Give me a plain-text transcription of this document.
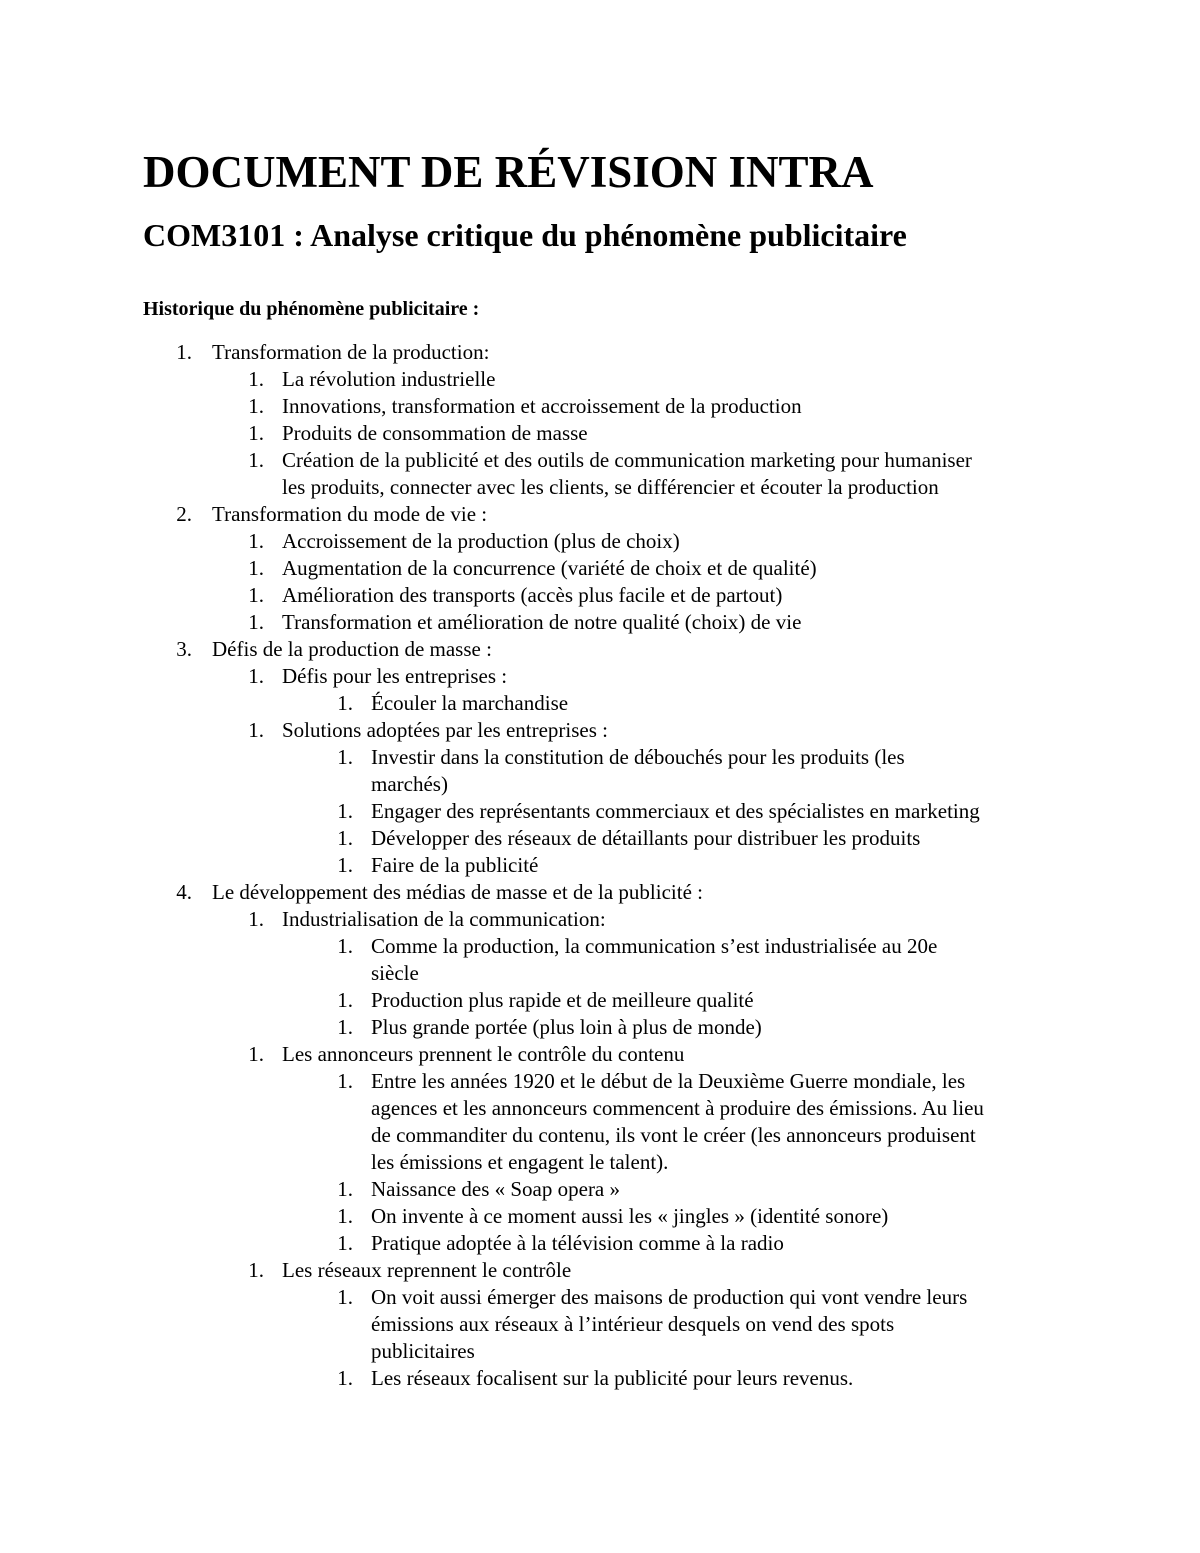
DOCUMENT DE RÉVISION INTRA
COM3101 : Analyse critique du phénomène publicitaire
Historique du phénomène publicitaire :
1. Transformation de la production:
1. La révolution industrielle
1. Innovations, transformation et accroissement de la production
1. Produits de consommation de masse
1. Création de la publicité et des outils de communication marketing pour humaniser
les produits, connecter avec les clients, se différencier et écouter la production
2. Transformation du mode de vie :
1. Accroissement de la production (plus de choix)
1. Augmentation de la concurrence (variété de choix et de qualité)
1. Amélioration des transports (accès plus facile et de partout)
1. Transformation et amélioration de notre qualité (choix) de vie
3. Défis de la production de masse :
1. Défis pour les entreprises :
1. Écouler la marchandise
1. Solutions adoptées par les entreprises :
1. Investir dans la constitution de débouchés pour les produits (les
marchés)
1. Engager des représentants commerciaux et des spécialistes en marketing
1. Développer des réseaux de détaillants pour distribuer les produits
1. Faire de la publicité
4. Le développement des médias de masse et de la publicité :
1. Industrialisation de la communication:
1. Comme la production, la communication s’est industrialisée au 20e
siècle
1. Production plus rapide et de meilleure qualité
1. Plus grande portée (plus loin à plus de monde)
1. Les annonceurs prennent le contrôle du contenu
1. Entre les années 1920 et le début de la Deuxième Guerre mondiale, les
agences et les annonceurs commencent à produire des émissions. Au lieu
de commanditer du contenu, ils vont le créer (les annonceurs produisent
les émissions et engagent le talent).
1. Naissance des « Soap opera »
1. On invente à ce moment aussi les « jingles » (identité sonore)
1. Pratique adoptée à la télévision comme à la radio
1. Les réseaux reprennent le contrôle
1. On voit aussi émerger des maisons de production qui vont vendre leurs
émissions aux réseaux à l’intérieur desquels on vend des spots
publicitaires
1. Les réseaux focalisent sur la publicité pour leurs revenus.
